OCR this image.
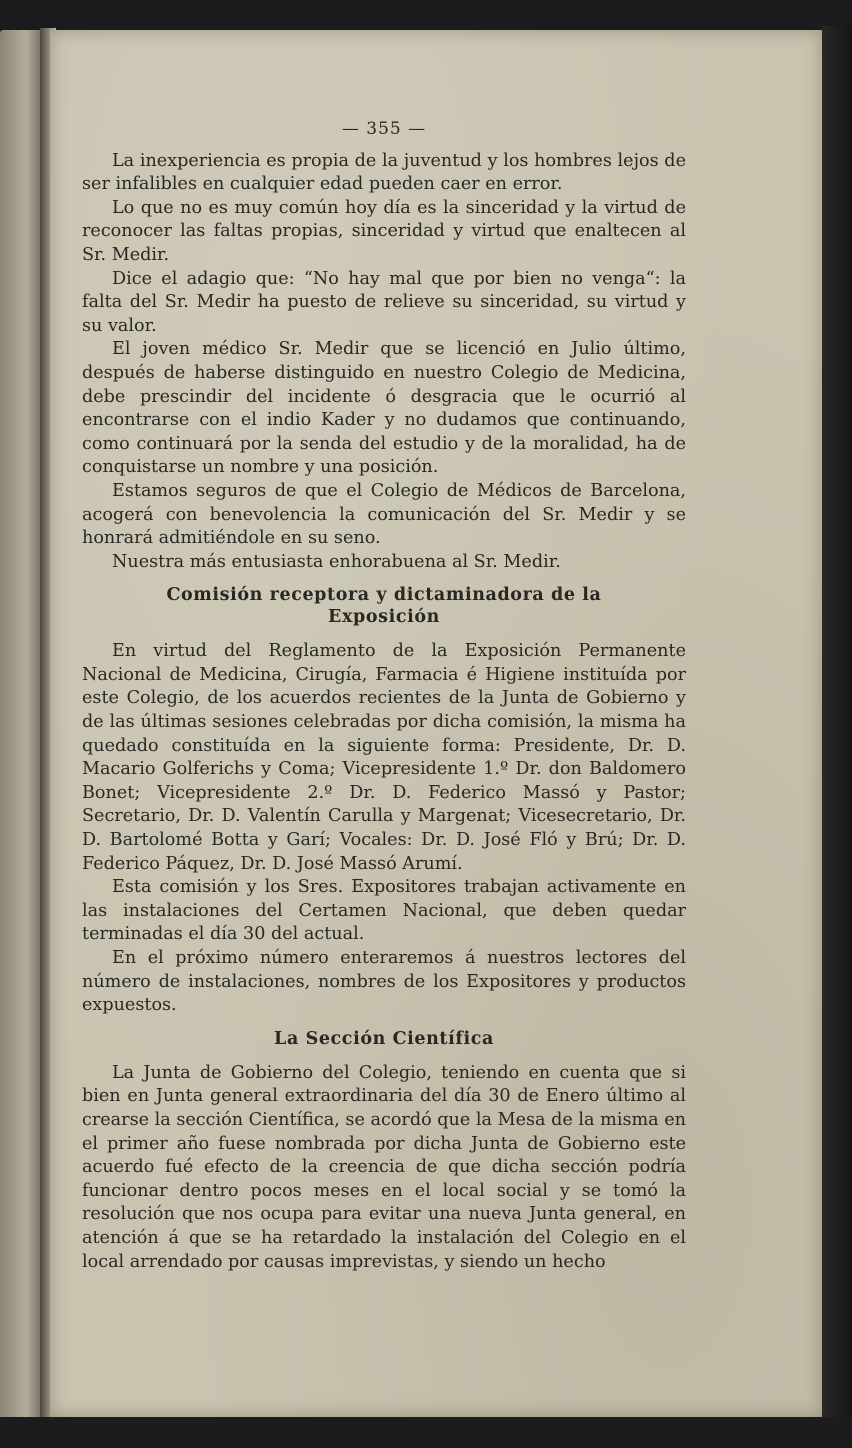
— 355 —

La inexperiencia es propia de la juventud y los hombres lejos de ser infalibles en cualquier edad pueden caer en error.

Lo que no es muy común hoy día es la sinceridad y la virtud de reconocer las faltas propias, sinceridad y virtud que enaltecen al Sr. Medir.

Dice el adagio que: “No hay mal que por bien no venga“: la falta del Sr. Medir ha puesto de relieve su sinceridad, su virtud y su valor.

El joven médico Sr. Medir que se licenció en Julio último, después de haberse distinguido en nuestro Colegio de Medicina, debe prescindir del incidente ó desgracia que le ocurrió al encontrarse con el indio Kader y no dudamos que continuando, como continuará por la senda del estudio y de la moralidad, ha de conquistarse un nombre y una posición.

Estamos seguros de que el Colegio de Médicos de Barcelona, acogerá con benevolencia la comunicación del Sr. Medir y se honrará admitiéndole en su seno.

Nuestra más entusiasta enhorabuena al Sr. Medir.

Comisión receptora y dictaminadora de la Exposición

En virtud del Reglamento de la Exposición Permanente Nacional de Medicina, Cirugía, Farmacia é Higiene instituída por este Colegio, de los acuerdos recientes de la Junta de Gobierno y de las últimas sesiones celebradas por dicha comisión, la misma ha quedado constituída en la siguiente forma: Presidente, Dr. D. Macario Golferichs y Coma; Vicepresidente 1.º Dr. don Baldomero Bonet; Vicepresidente 2.º Dr. D. Federico Massó y Pastor; Secretario, Dr. D. Valentín Carulla y Margenat; Vicesecretario, Dr. D. Bartolomé Botta y Garí; Vocales: Dr. D. José Fló y Brú; Dr. D. Federico Páquez, Dr. D. José Massó Arumí.

Esta comisión y los Sres. Expositores trabajan activamente en las instalaciones del Certamen Nacional, que deben quedar terminadas el día 30 del actual.

En el próximo número enteraremos á nuestros lectores del número de instalaciones, nombres de los Expositores y productos expuestos.

La Sección Científica

La Junta de Gobierno del Colegio, teniendo en cuenta que si bien en Junta general extraordinaria del día 30 de Enero último al crearse la sección Científica, se acordó que la Mesa de la misma en el primer año fuese nombrada por dicha Junta de Gobierno este acuerdo fué efecto de la creencia de que dicha sección podría funcionar dentro pocos meses en el local social y se tomó la resolución que nos ocupa para evitar una nueva Junta general, en atención á que se ha retardado la instalación del Colegio en el local arrendado por causas imprevistas, y siendo un hecho
